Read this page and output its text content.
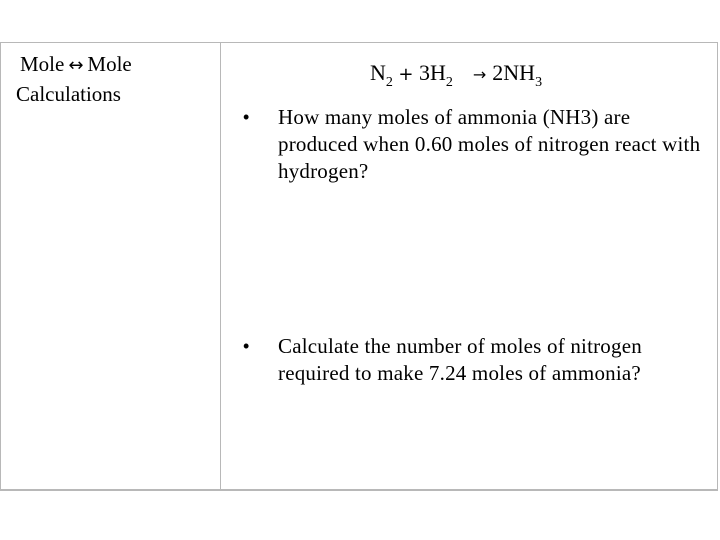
Mole ↔ Mole
Calculations
$N_2 + 3H_2 \to 2NH_3$
• How many moles of ammonia (NH3) are produced when 0.60 moles of nitrogen react with hydrogen?
• Calculate the number of moles of nitrogen required to make 7.24 moles of ammonia?
